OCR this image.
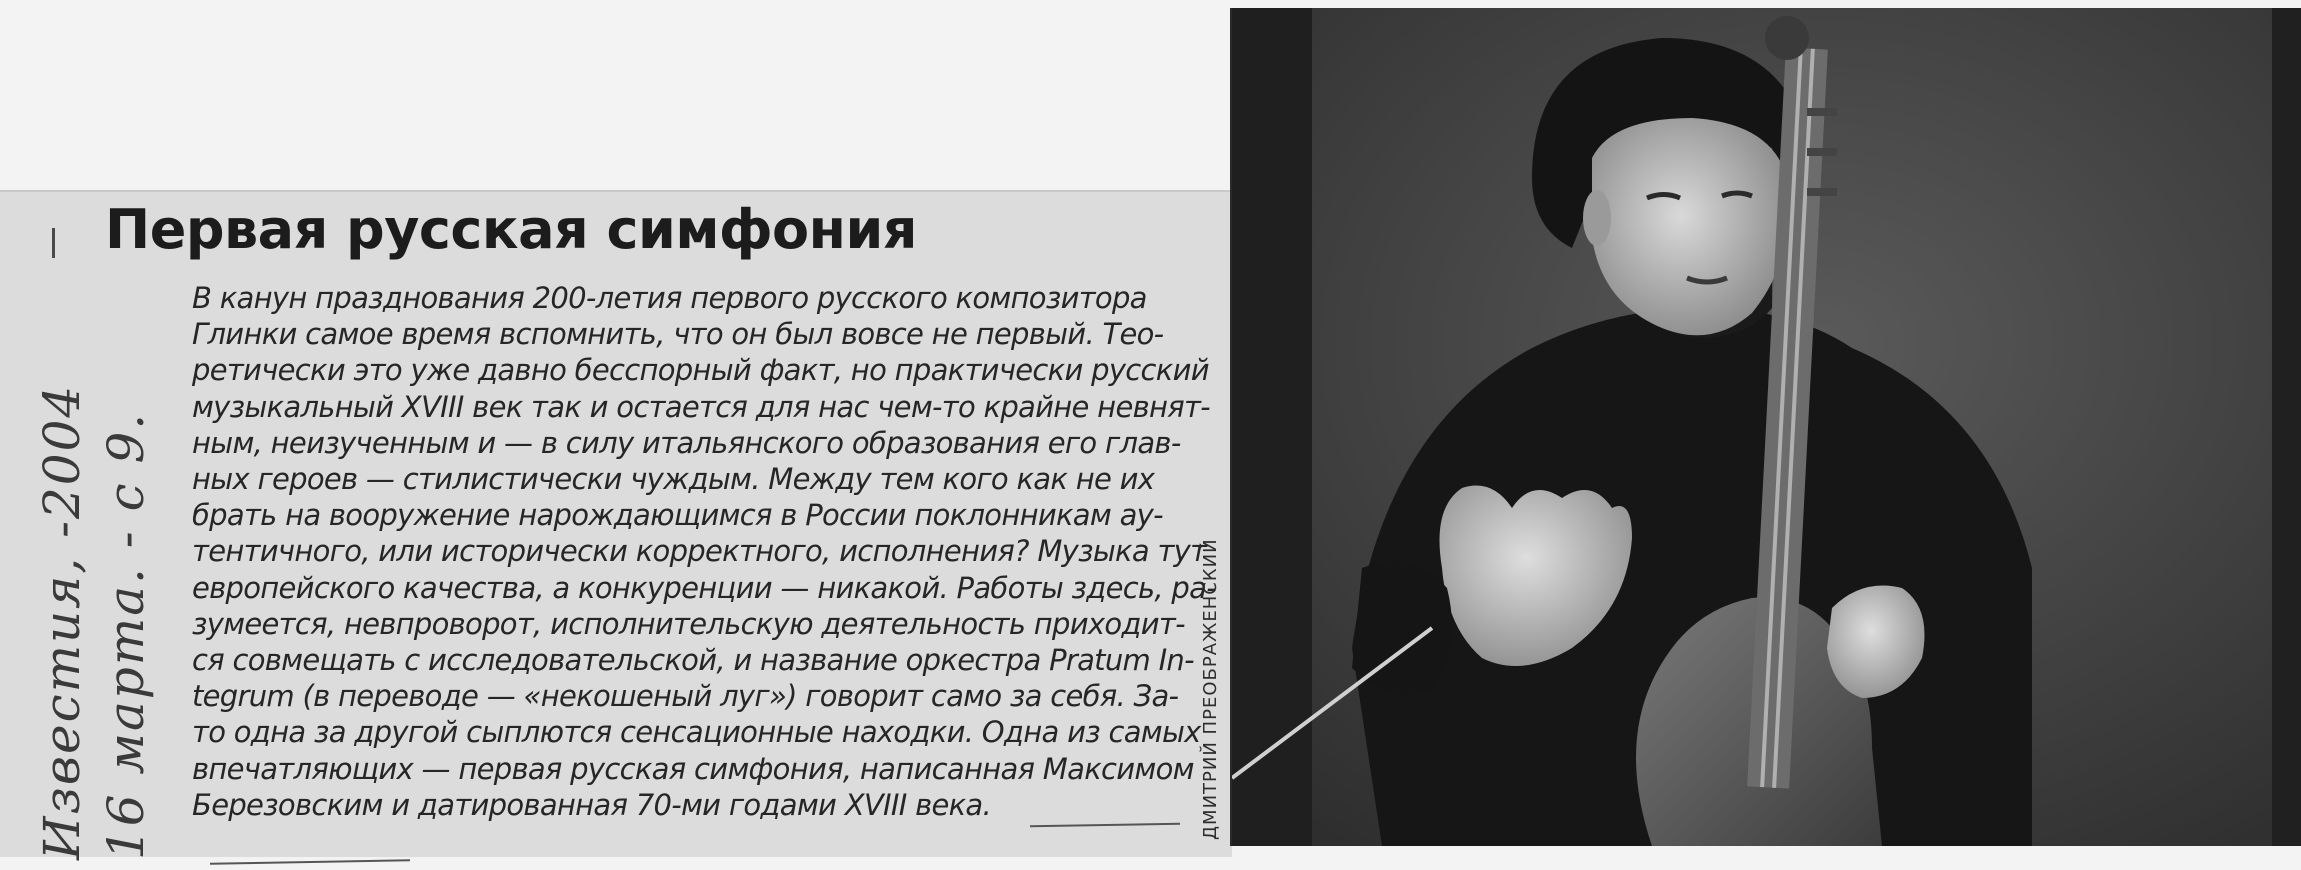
Известия, -2004 16 марта. - с 9.
Первая русская симфония
В канун празднования 200-летия первого русского композитора
Глинки самое время вспомнить, что он был вовсе не первый. Тео-
ретически это уже давно бесспорный факт, но практически русский
музыкальный XVIII век так и остается для нас чем-то крайне невнят-
ным, неизученным и — в силу итальянского образования его глав-
ных героев — стилистически чуждым. Между тем кого как не их
брать на вооружение нарождающимся в России поклонникам ау-
тентичного, или исторически корректного, исполнения? Музыка тут
европейского качества, а конкуренции — никакой. Работы здесь, ра-
зумеется, невпроворот, исполнительскую деятельность приходит-
ся совмещать с исследовательской, и название оркестра Pratum In-
tegrum (в переводе — «некошеный луг») говорит само за себя. За-
то одна за другой сыплются сенсационные находки. Одна из самых
впечатляющих — первая русская симфония, написанная Максимом
Березовским и датированная 70-ми годами XVIII века.	ДМИТРИЙ ПРЕОБРАЖЕНСКИЙ
